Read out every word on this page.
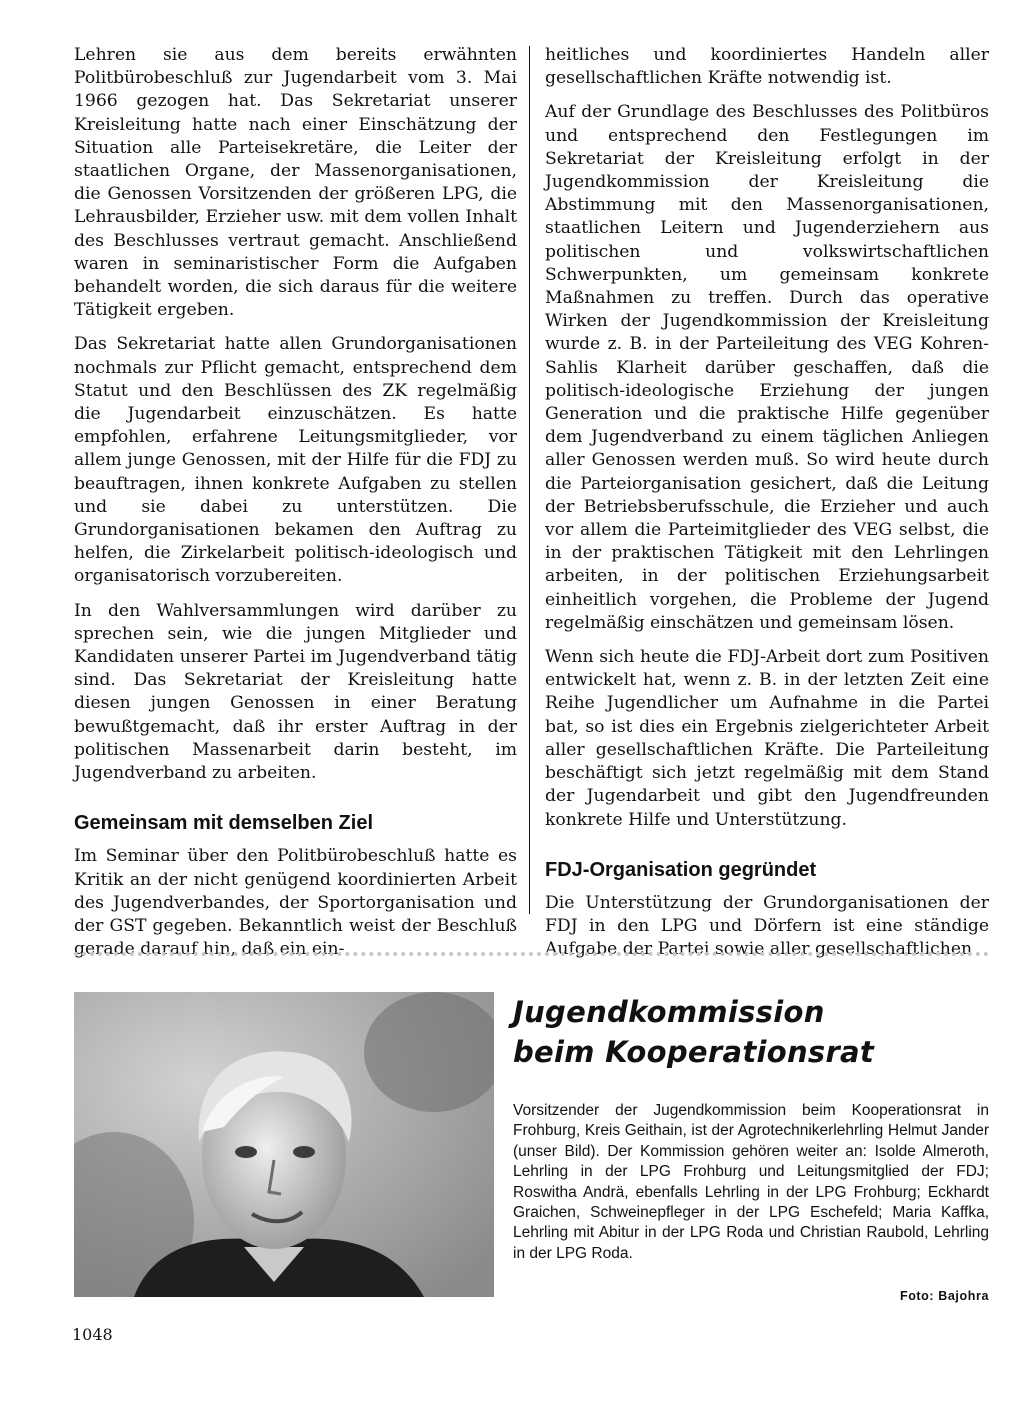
Lehren sie aus dem bereits erwähnten Politbürobeschluß zur Jugendarbeit vom 3. Mai 1966 gezogen hat. Das Sekretariat unserer Kreisleitung hatte nach einer Einschätzung der Situation alle Parteisekretäre, die Leiter der staatlichen Organe, der Massenorganisationen, die Genossen Vorsitzenden der größeren LPG, die Lehrausbilder, Erzieher usw. mit dem vollen Inhalt des Beschlusses vertraut gemacht. Anschließend waren in seminaristischer Form die Aufgaben behandelt worden, die sich daraus für die weitere Tätigkeit ergeben.

Das Sekretariat hatte allen Grundorganisationen nochmals zur Pflicht gemacht, entsprechend dem Statut und den Beschlüssen des ZK regelmäßig die Jugendarbeit einzuschätzen. Es hatte empfohlen, erfahrene Leitungsmitglieder, vor allem junge Genossen, mit der Hilfe für die FDJ zu beauftragen, ihnen konkrete Aufgaben zu stellen und sie dabei zu unterstützen. Die Grundorganisationen bekamen den Auftrag zu helfen, die Zirkelarbeit politisch-ideologisch und organisatorisch vorzubereiten.

In den Wahlversammlungen wird darüber zu sprechen sein, wie die jungen Mitglieder und Kandidaten unserer Partei im Jugendverband tätig sind. Das Sekretariat der Kreisleitung hatte diesen jungen Genossen in einer Beratung bewußtgemacht, daß ihr erster Auftrag in der politischen Massenarbeit darin besteht, im Jugendverband zu arbeiten.

Gemeinsam mit demselben Ziel

Im Seminar über den Politbürobeschluß hatte es Kritik an der nicht genügend koordinierten Arbeit des Jugendverbandes, der Sportorganisation und der GST gegeben. Bekanntlich weist der Beschluß gerade darauf hin, daß ein ein-

heitliches und koordiniertes Handeln aller gesellschaftlichen Kräfte notwendig ist.

Auf der Grundlage des Beschlusses des Politbüros und entsprechend den Festlegungen im Sekretariat der Kreisleitung erfolgt in der Jugendkommission der Kreisleitung die Abstimmung mit den Massenorganisationen, staatlichen Leitern und Jugenderziehern aus politischen und volkswirtschaftlichen Schwerpunkten, um gemeinsam konkrete Maßnahmen zu treffen. Durch das operative Wirken der Jugendkommission der Kreisleitung wurde z. B. in der Parteileitung des VEG Kohren-Sahlis Klarheit darüber geschaffen, daß die politisch-ideologische Erziehung der jungen Generation und die praktische Hilfe gegenüber dem Jugendverband zu einem täglichen Anliegen aller Genossen werden muß. So wird heute durch die Parteiorganisation gesichert, daß die Leitung der Betriebsberufsschule, die Erzieher und auch vor allem die Parteimitglieder des VEG selbst, die in der praktischen Tätigkeit mit den Lehrlingen arbeiten, in der politischen Erziehungsarbeit einheitlich vorgehen, die Probleme der Jugend regelmäßig einschätzen und gemeinsam lösen.

Wenn sich heute die FDJ-Arbeit dort zum Positiven entwickelt hat, wenn z. B. in der letzten Zeit eine Reihe Jugendlicher um Aufnahme in die Partei bat, so ist dies ein Ergebnis zielgerichteter Arbeit aller gesellschaftlichen Kräfte. Die Parteileitung beschäftigt sich jetzt regelmäßig mit dem Stand der Jugendarbeit und gibt den Jugendfreunden konkrete Hilfe und Unterstützung.

FDJ-Organisation gegründet

Die Unterstützung der Grundorganisationen der FDJ in den LPG und Dörfern ist eine ständige Aufgabe der Partei sowie aller gesellschaftlichen

Jugendkommission
beim Kooperationsrat
Vorsitzender der Jugendkommission beim Kooperationsrat in Frohburg, Kreis Geithain, ist der Agrotechnikerlehrling Helmut Jander (unser Bild). Der Kommission gehören weiter an: Isolde Almeroth, Lehrling in der LPG Frohburg und Leitungsmitglied der FDJ; Roswitha Andrä, ebenfalls Lehrling in der LPG Frohburg; Eckhardt Graichen, Schweinepfleger in der LPG Eschefeld; Maria Kaffka, Lehrling mit Abitur in der LPG Roda und Christian Raubold, Lehrling in der LPG Roda.
Foto: Bajohra
1048
